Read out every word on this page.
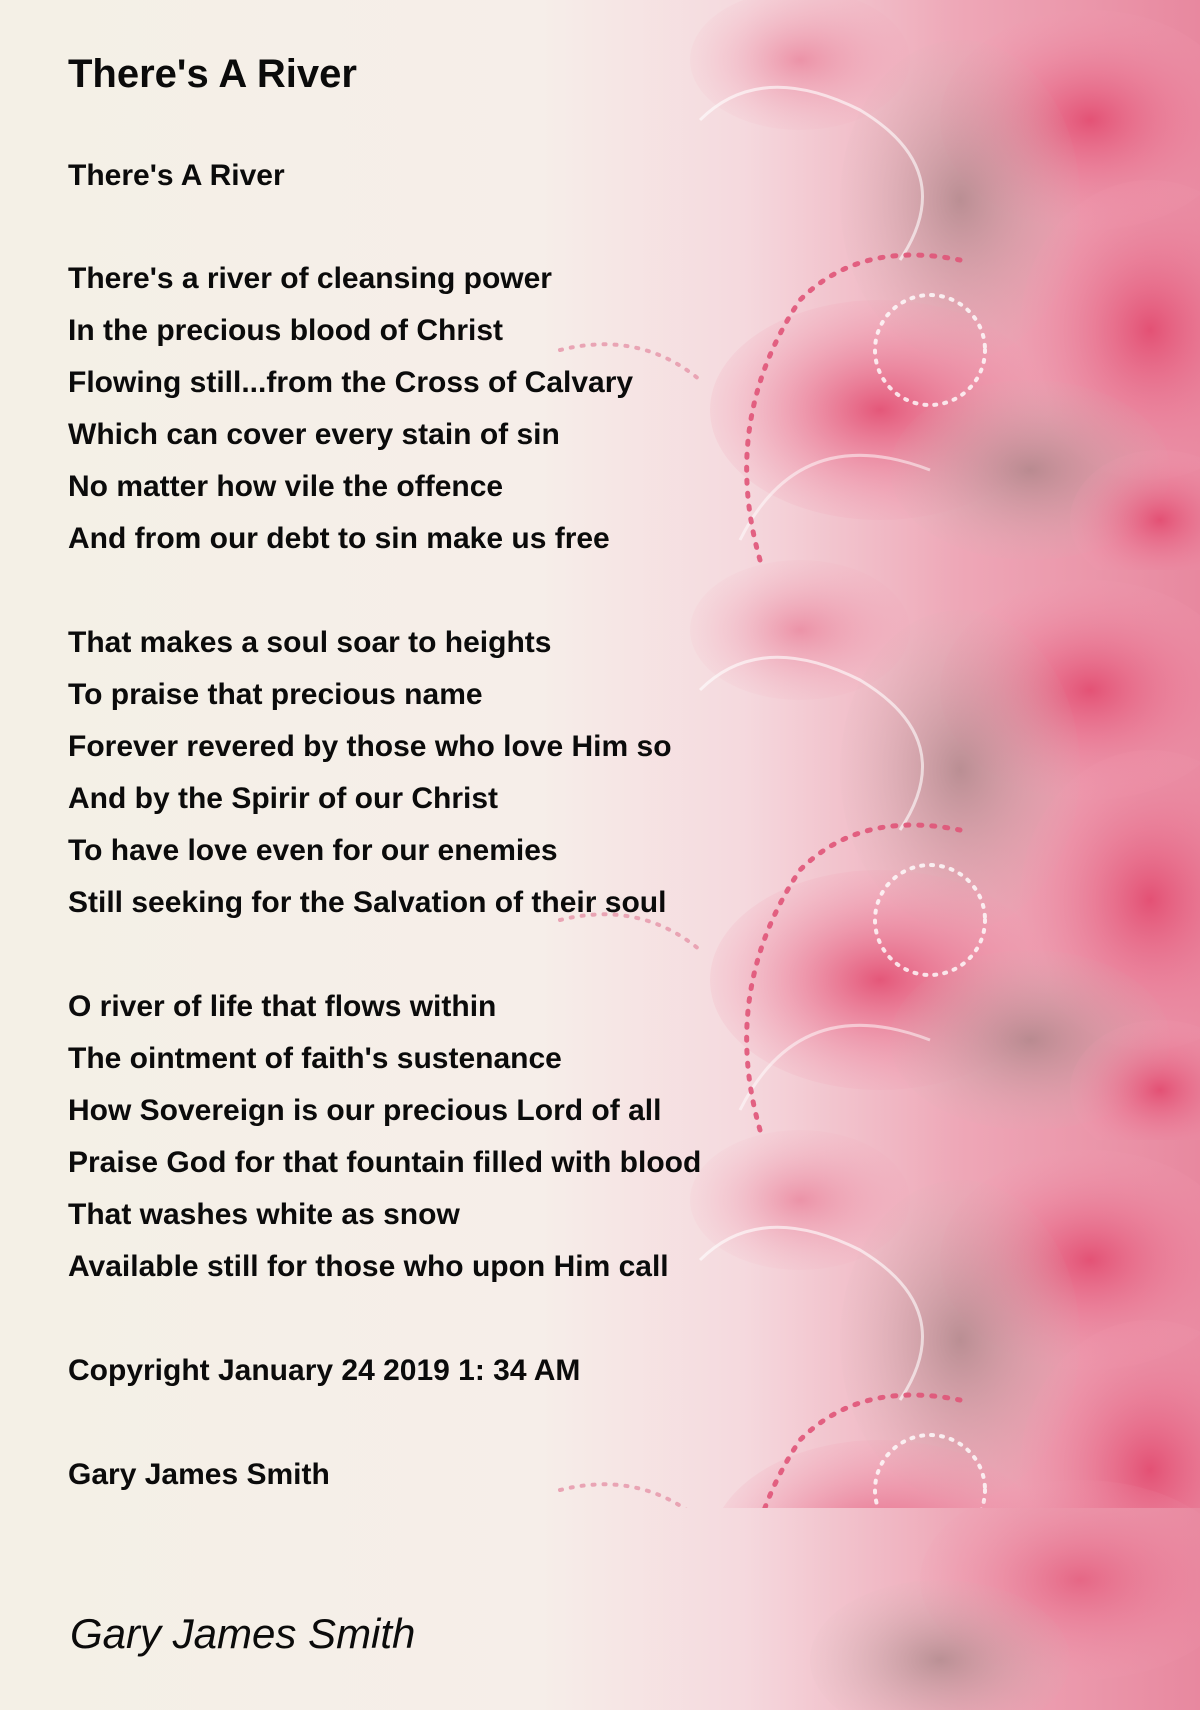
There's A River

There's A River

There's a river of cleansing power
In the precious blood of Christ
Flowing still...from the Cross of Calvary
Which can cover every stain of sin
No matter how vile the offence
And from our debt to sin make us free
That makes a soul soar to heights
To praise that precious name
Forever revered by those who love Him so
And by the Spirir of our Christ
To have love even for our enemies
Still seeking for the Salvation of their soul
O river of life that flows within
The ointment of faith's sustenance
How Sovereign is our precious Lord of all
Praise God for that fountain filled with blood
That washes white as snow
Available still for those who upon Him call

Copyright January 24 2019 1: 34 AM

Gary James Smith

Gary James Smith
